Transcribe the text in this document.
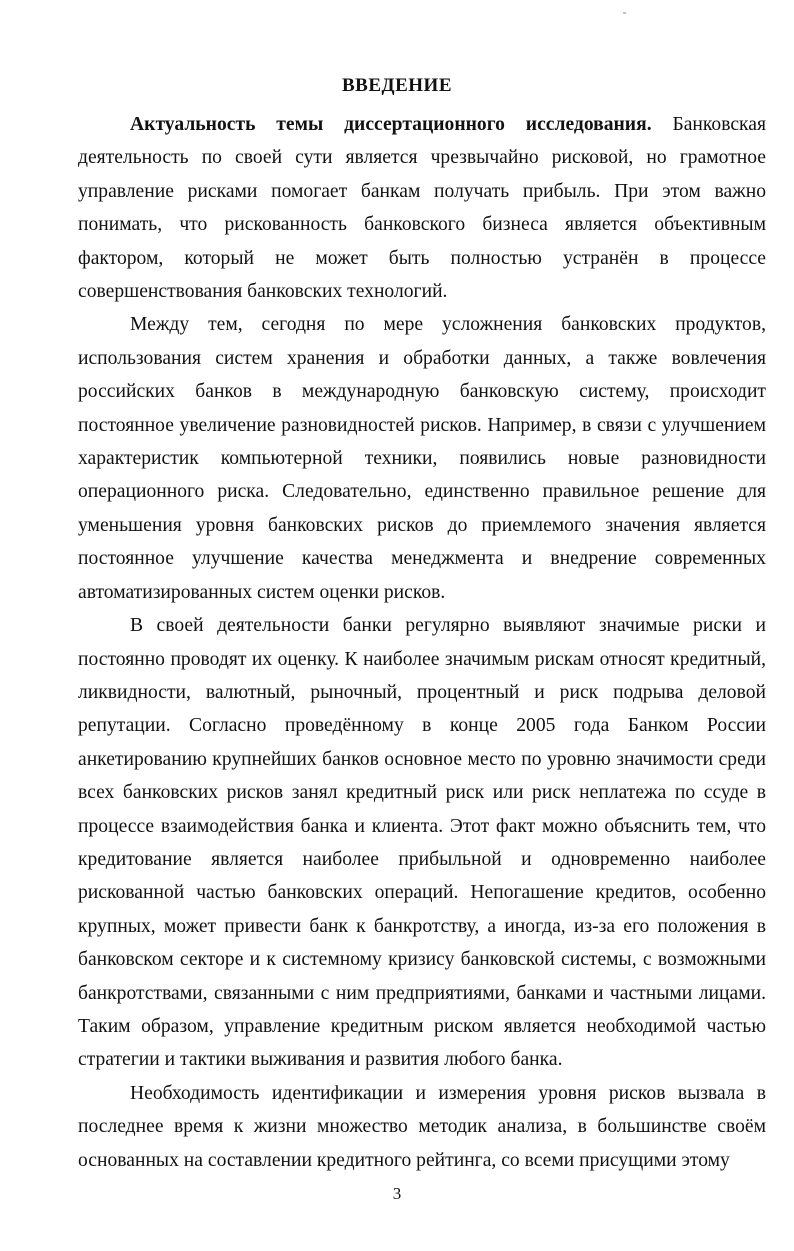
ВВЕДЕНИЕ

Актуальность темы диссертационного исследования. Банковская деятельность по своей сути является чрезвычайно рисковой, но грамотное управление рисками помогает банкам получать прибыль. При этом важно понимать, что рискованность банковского бизнеса является объективным фактором, который не может быть полностью устранён в процессе совершенствования банковских технологий.

Между тем, сегодня по мере усложнения банковских продуктов, использования систем хранения и обработки данных, а также вовлечения российских банков в международную банковскую систему, происходит постоянное увеличение разновидностей рисков. Например, в связи с улучшением характеристик компьютерной техники, появились новые разновидности операционного риска. Следовательно, единственно правильное решение для уменьшения уровня банковских рисков до приемлемого значения является постоянное улучшение качества менеджмента и внедрение современных автоматизированных систем оценки рисков.

В своей деятельности банки регулярно выявляют значимые риски и постоянно проводят их оценку. К наиболее значимым рискам относят кредитный, ликвидности, валютный, рыночный, процентный и риск подрыва деловой репутации. Согласно проведённому в конце 2005 года Банком России анкетированию крупнейших банков основное место по уровню значимости среди всех банковских рисков занял кредитный риск или риск неплатежа по ссуде в процессе взаимодействия банка и клиента. Этот факт можно объяснить тем, что кредитование является наиболее прибыльной и одновременно наиболее рискованной частью банковских операций. Непогашение кредитов, особенно крупных, может привести банк к банкротству, а иногда, из-за его положения в банковском секторе и к системному кризису банковской системы, с возможными банкротствами, связанными с ним предприятиями, банками и частными лицами. Таким образом, управление кредитным риском является необходимой частью стратегии и тактики выживания и развития любого банка.

Необходимость идентификации и измерения уровня рисков вызвала в последнее время к жизни множество методик анализа, в большинстве своём основанных на составлении кредитного рейтинга, со всеми присущими этому

3
